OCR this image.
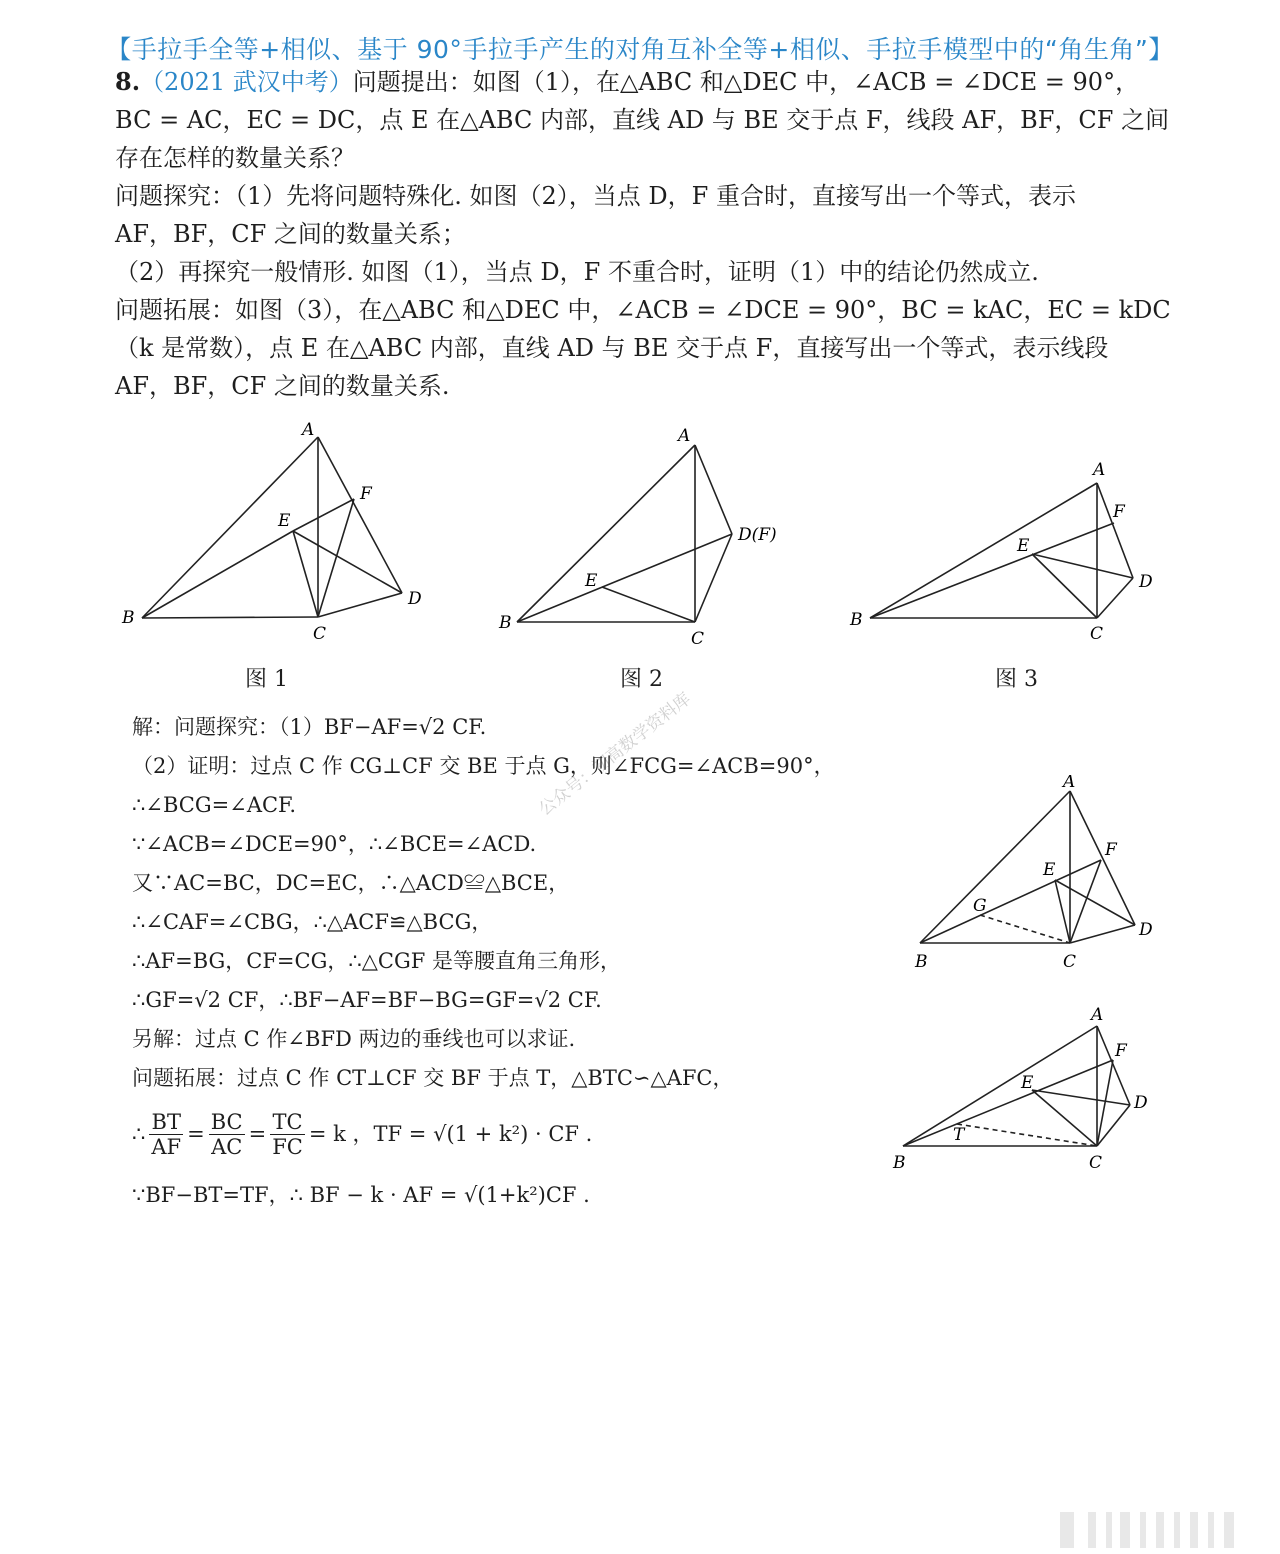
【手拉手全等+相似、基于 90°手拉手产生的对角互补全等+相似、手拉手模型中的“角生角”】
8.（2021 武汉中考）问题提出：如图（1），在△ABC 和△DEC 中，∠ACB = ∠DCE = 90°，
BC = AC，EC = DC，点 E 在△ABC 内部，直线 AD 与 BE 交于点 F，线段 AF，BF，CF 之间
存在怎样的数量关系？
问题探究：（1）先将问题特殊化. 如图（2），当点 D，F 重合时，直接写出一个等式，表示
AF，BF，CF 之间的数量关系；
（2）再探究一般情形. 如图（1），当点 D，F 不重合时，证明（1）中的结论仍然成立.
问题拓展：如图（3），在△ABC 和△DEC 中，∠ACB = ∠DCE = 90°，BC = kAC，EC = kDC
（k 是常数），点 E 在△ABC 内部，直线 AD 与 BE 交于点 F，直接写出一个等式，表示线段
AF，BF，CF 之间的数量关系.
A
B
C
D
E
F
A
B
C
D(F)
E
A
B
C
D
E
F
图 1	图 2	图 3
公众号：初高数学资料库
解：问题探究：（1）BF−AF=√2 CF.
（2）证明：过点 C 作 CG⊥CF 交 BE 于点 G，则∠FCG=∠ACB=90°，
∴∠BCG=∠ACF.
∵∠ACB=∠DCE=90°，∴∠BCE=∠ACD.
又∵AC=BC，DC=EC，∴△ACD≌△BCE，
∴∠CAF=∠CBG，∴△ACF≌△BCG，
∴AF=BG，CF=CG，∴△CGF 是等腰直角三角形，
∴GF=√2 CF，∴BF−AF=BF−BG=GF=√2 CF.
另解：过点 C 作∠BFD 两边的垂线也可以求证.
问题拓展：过点 C 作 CT⊥CF 交 BF 于点 T，△BTC∽△AFC，
∴ $\frac{BT}{AF} = \frac{BC}{AC} = \frac{TC}{FC} = k$ ，TF = √(1 + k²) · CF .
∵BF−BT=TF，∴ BF − k · AF = √(1+k²)CF .
A
B	C
D
E
F
G
A
B	C
D
E
F
T
